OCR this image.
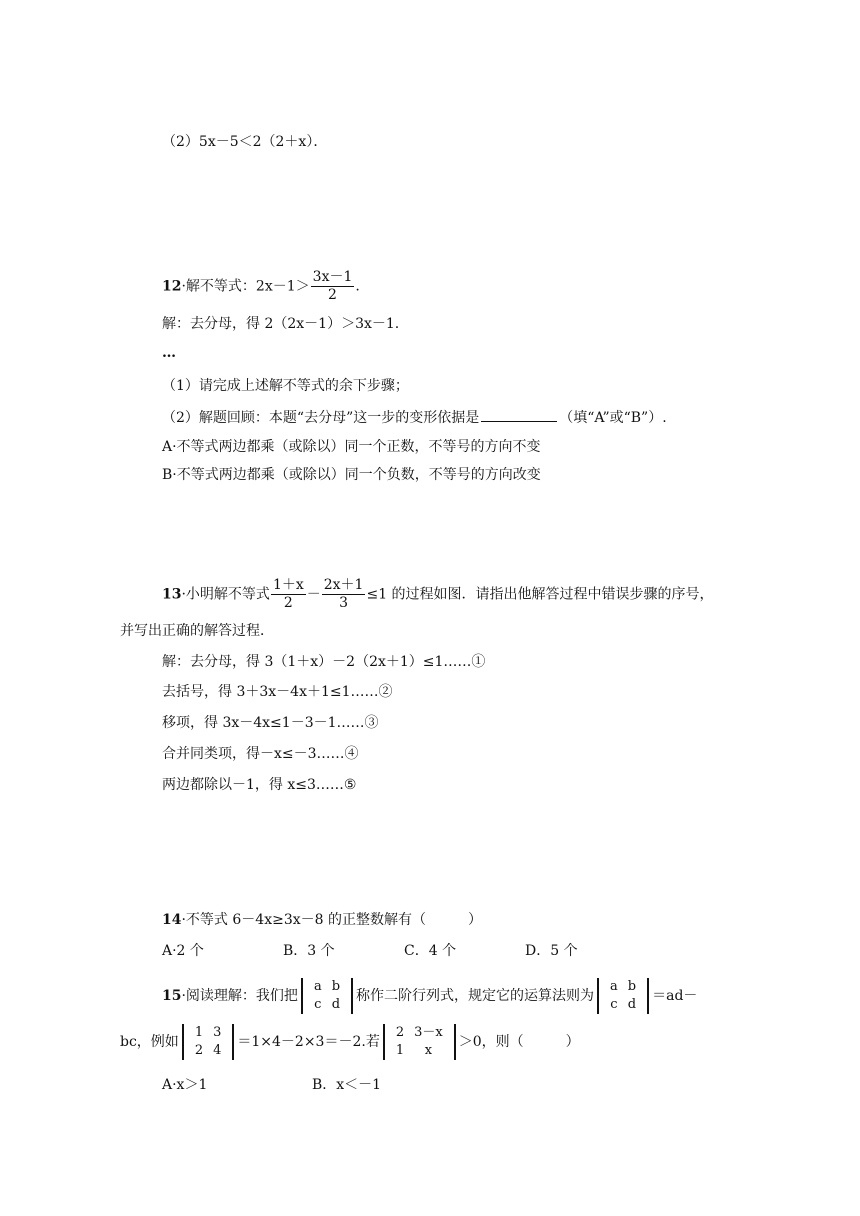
（2）5x－5＜2（2＋x）．
12·解不等式：$2x-1> \frac{3x-1}{2}$ .
解：去分母，得 2（2x－1）＞3x－1.
…
（1）请完成上述解不等式的余下步骤；
（2）解题回顾：本题“去分母”这一步的变形依据是	（填“A”或“B”）.
A·不等式两边都乘（或除以）同一个正数，不等号的方向不变
B·不等式两边都乘（或除以）同一个负数，不等号的方向改变
13·小明解不等式 $\frac{1+x}{2} - \frac{2x+1}{3} \le 1$ 的过程如图．请指出他解答过程中错误步骤的序号，
并写出正确的解答过程．
解：去分母，得 3（1＋x）－2（2x＋1）≤1……①
去括号，得 3＋3x－4x＋1≤1……②
移项，得 3x－4x≤1－3－1……③
合并同类项，得－x≤－3……④
两边都除以－1，得 x≤3……⑤
14·不等式 6－4x≥3x－8 的正整数解有（　　　）
A·2 个	B．3 个	C．4 个	D．5 个
15·阅读理解：我们把
a	b
c	d
称作二阶行列式，规定它的运算法则为
a	b
c	d
＝ad－
bc，例如
1	3
2	4
＝1×4－2×3＝－2.若
2	3－x
1	x
＞0，则（　　　）
A·x＞1	B．x＜－1
